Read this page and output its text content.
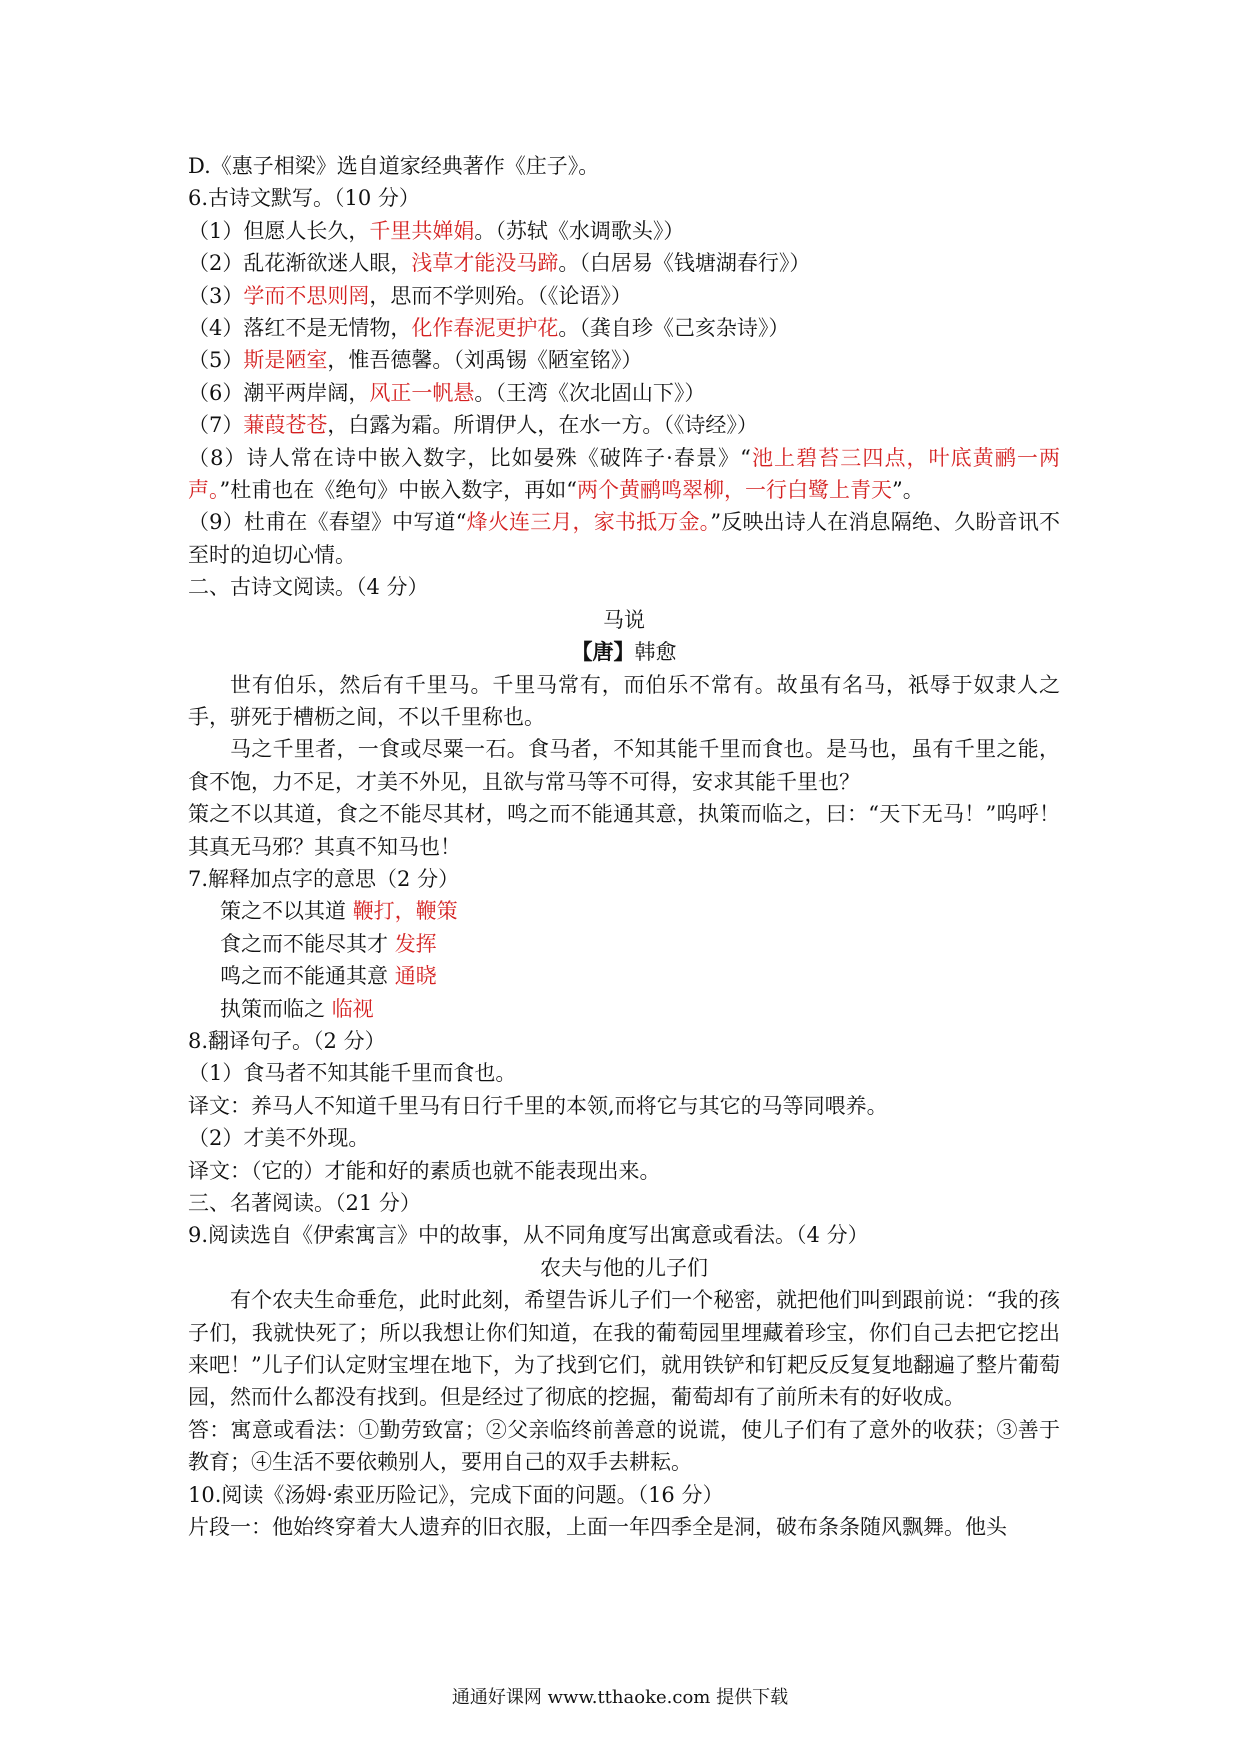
D.《惠子相梁》选自道家经典著作《庄子》。
6.古诗文默写。（10 分）
（1）但愿人长久，千里共婵娟。（苏轼《水调歌头》）
（2）乱花渐欲迷人眼，浅草才能没马蹄。（白居易《钱塘湖春行》）
（3）学而不思则罔，思而不学则殆。（《论语》）
（4）落红不是无情物，化作春泥更护花。（龚自珍《己亥杂诗》）
（5）斯是陋室，惟吾德馨。（刘禹锡《陋室铭》）
（6）潮平两岸阔，风正一帆悬。（王湾《次北固山下》）
（7）蒹葭苍苍，白露为霜。所谓伊人，在水一方。（《诗经》）
（8）诗人常在诗中嵌入数字，比如晏殊《破阵子·春景》“池上碧苔三四点，叶底黄鹂一两声。”杜甫也在《绝句》中嵌入数字，再如“两个黄鹂鸣翠柳，一行白鹭上青天”。
（9）杜甫在《春望》中写道“烽火连三月，家书抵万金。”反映出诗人在消息隔绝、久盼音讯不至时的迫切心情。
二、古诗文阅读。（4 分）
马说
【唐】韩愈
世有伯乐，然后有千里马。千里马常有，而伯乐不常有。故虽有名马，祇辱于奴隶人之手，骈死于槽枥之间，不以千里称也。
马之千里者，一食或尽粟一石。食马者，不知其能千里而食也。是马也，虽有千里之能，食不饱，力不足，才美不外见，且欲与常马等不可得，安求其能千里也？
策之不以其道，食之不能尽其材，鸣之而不能通其意，执策而临之，曰：“天下无马！”呜呼！其真无马邪？其真不知马也！
7.解释加点字的意思（2 分）
策之不以其道 鞭打，鞭策
食之而不能尽其才 发挥
鸣之而不能通其意 通晓
执策而临之 临视
8.翻译句子。（2 分）
（1）食马者不知其能千里而食也。
译文：养马人不知道千里马有日行千里的本领,而将它与其它的马等同喂养。
（2）才美不外现。
译文：（它的）才能和好的素质也就不能表现出来。
三、名著阅读。（21 分）
9.阅读选自《伊索寓言》中的故事，从不同角度写出寓意或看法。（4 分）
农夫与他的儿子们
有个农夫生命垂危，此时此刻，希望告诉儿子们一个秘密，就把他们叫到跟前说：“我的孩子们，我就快死了；所以我想让你们知道，在我的葡萄园里埋藏着珍宝，你们自己去把它挖出来吧！”儿子们认定财宝埋在地下，为了找到它们，就用铁铲和钉耙反反复复地翻遍了整片葡萄园，然而什么都没有找到。但是经过了彻底的挖掘，葡萄却有了前所未有的好收成。
答：寓意或看法：①勤劳致富；②父亲临终前善意的说谎，使儿子们有了意外的收获；③善于教育；④生活不要依赖别人，要用自己的双手去耕耘。
10.阅读《汤姆·索亚历险记》，完成下面的问题。（16 分）
片段一：他始终穿着大人遗弃的旧衣服，上面一年四季全是洞，破布条条随风飘舞。他头
通通好课网 www.tthaoke.com 提供下载
